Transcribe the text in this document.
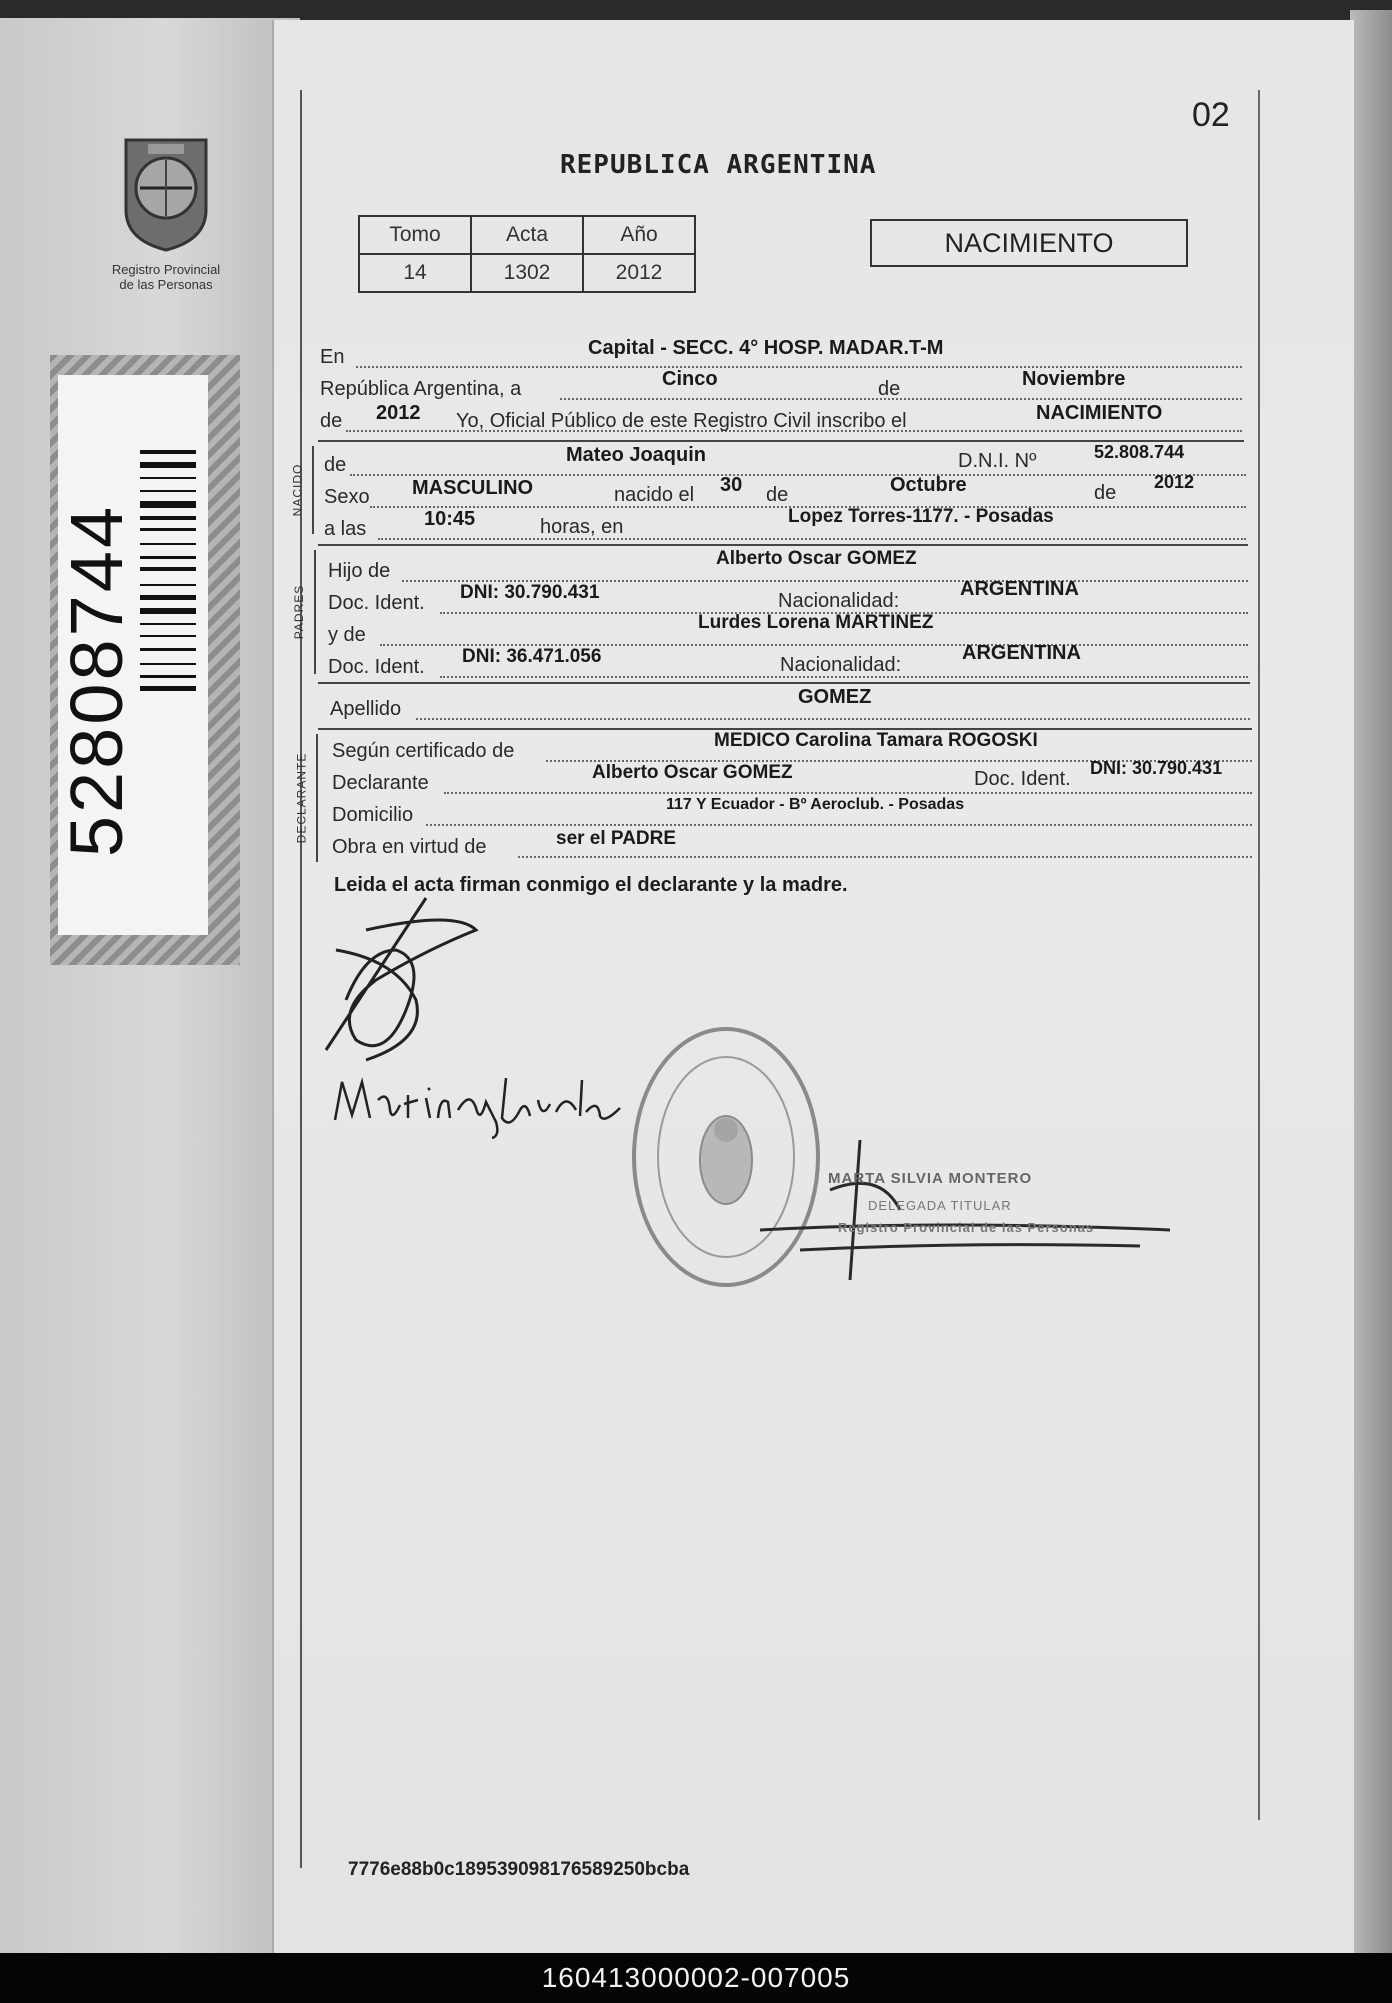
Registro Provincial
de las Personas
52808744
02
REPUBLICA ARGENTINA
Tomo	Acta	Año
14	1302	2012
NACIMIENTO
En	Capital - SECC. 4° HOSP. MADAR.T-M
República Argentina, a	Cinco	de	Noviembre
de 2012 Yo, Oficial Público de este Registro Civil inscribo el	NACIMIENTO
NACIDO de	Mateo Joaquin	D.N.I. Nº	52.808.744
Sexo MASCULINO	nacido el 30 de	Octubre	de 2012
a las	10:45	horas, en	Lopez Torres-1177. - Posadas
PADRES
Hijo de
Alberto Oscar GOMEZ
Doc. Ident. DNI: 30.790.431	Nacionalidad:
ARGENTINA
y de
Lurdes Lorena MARTINEZ
Doc. Ident. DNI: 36.471.056	Nacionalidad:
ARGENTINA
Apellido
GOMEZ
DECLARANTE
Según certificado de	MEDICO Carolina Tamara ROGOSKI
Declarante	Alberto Oscar GOMEZ	Doc. Ident. DNI: 30.790.431
Domicilio	117 Y Ecuador - Bº Aeroclub. - Posadas
Obra en virtud de	ser el PADRE
Leida el acta firman conmigo el declarante y la madre.
MARTA SILVIA MONTERO
DELEGADA TITULAR
Registro Provincial de las Personas
7776e88b0c189539098176589250bcba
160413000002-007005
